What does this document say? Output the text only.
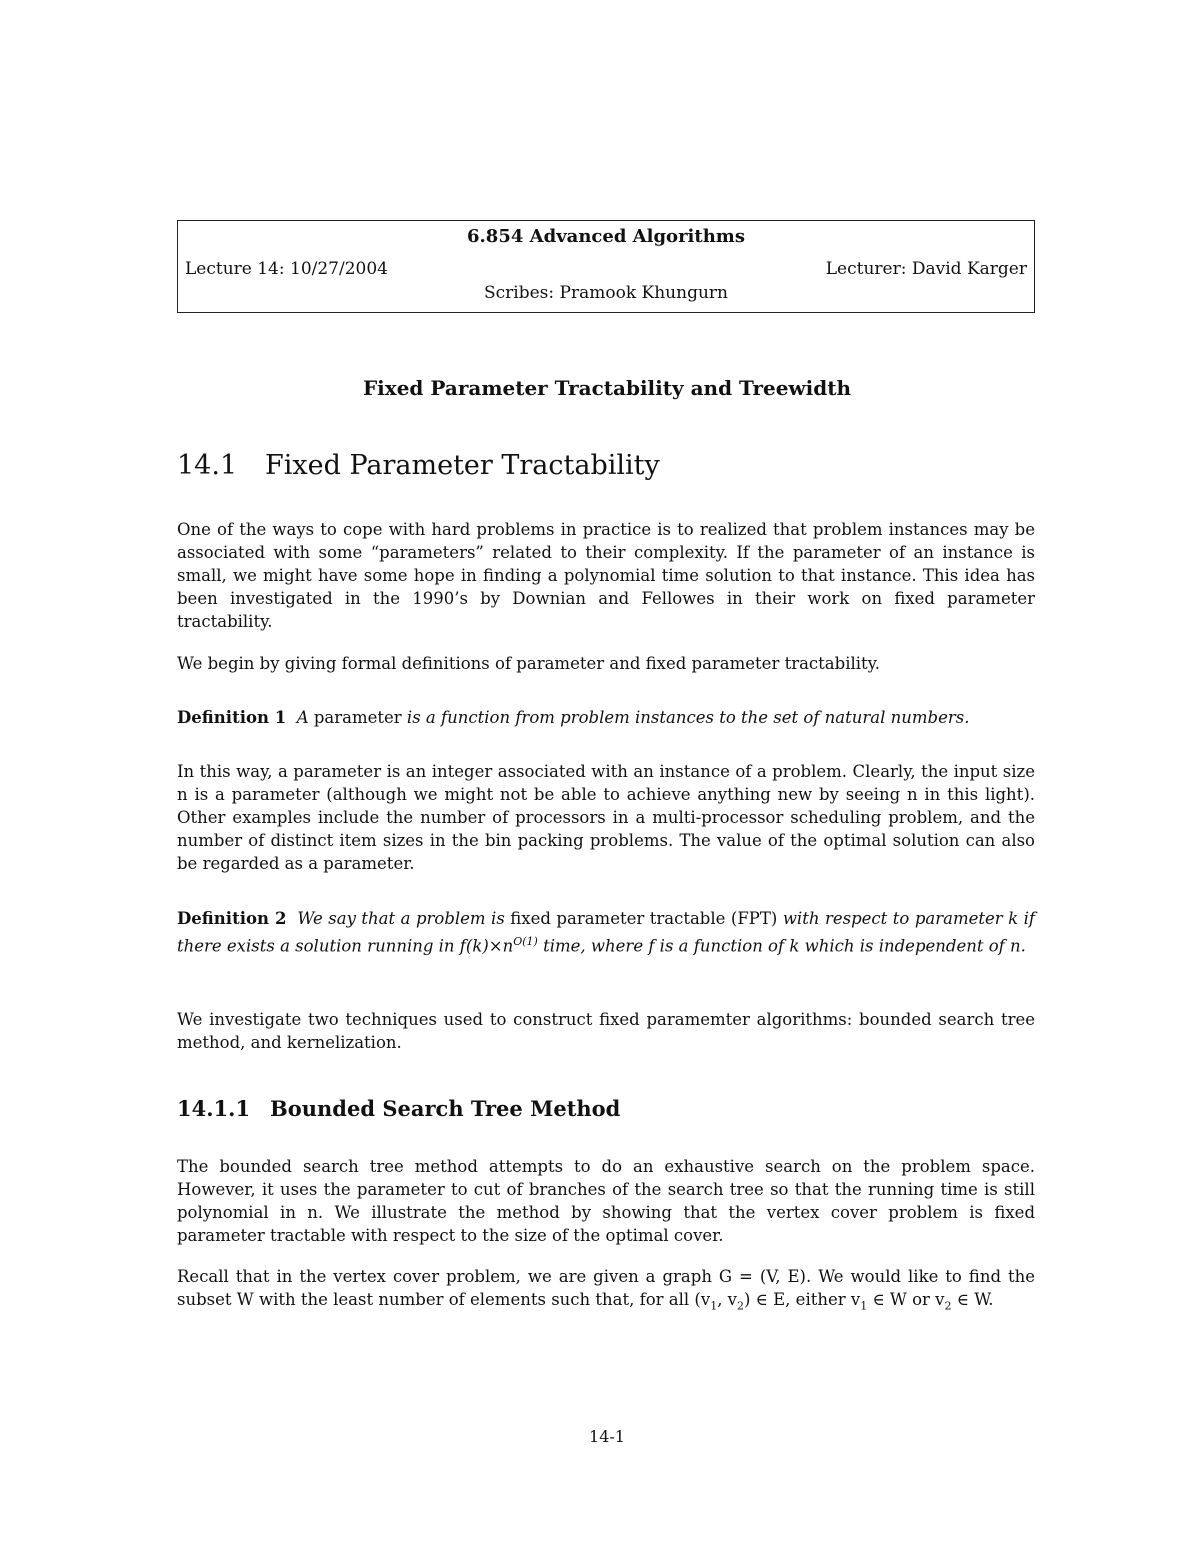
6.854 Advanced Algorithms
Lecture 14: 10/27/2004	Lecturer: David Karger
Scribes: Pramook Khungurn
Fixed Parameter Tractability and Treewidth
14.1 Fixed Parameter Tractability

One of the ways to cope with hard problems in practice is to realized that problem instances may be associated with some “parameters” related to their complexity. If the parameter of an instance is small, we might have some hope in finding a polynomial time solution to that instance. This idea has been investigated in the 1990’s by Downian and Fellowes in their work on fixed parameter tractability.

We begin by giving formal definitions of parameter and fixed parameter tractability.

Definition 1 A parameter is a function from problem instances to the set of natural numbers.

In this way, a parameter is an integer associated with an instance of a problem. Clearly, the input size n is a parameter (although we might not be able to achieve anything new by seeing n in this light). Other examples include the number of processors in a multi-processor scheduling problem, and the number of distinct item sizes in the bin packing problems. The value of the optimal solution can also be regarded as a parameter.

Definition 2 We say that a problem is fixed parameter tractable (FPT) with respect to parameter k if there exists a solution running in $f(k)\times n^{O(1)}$ time, where f is a function of k which is independent of n.

We investigate two techniques used to construct fixed paramemter algorithms: bounded search tree method, and kernelization.

14.1.1 Bounded Search Tree Method

The bounded search tree method attempts to do an exhaustive search on the problem space. However, it uses the parameter to cut of branches of the search tree so that the running time is still polynomial in n. We illustrate the method by showing that the vertex cover problem is fixed parameter tractable with respect to the size of the optimal cover.

Recall that in the vertex cover problem, we are given a graph G = (V, E). We would like to find the subset W with the least number of elements such that, for all ($v_1$, $v_2$) ∈ E, either $v_1$ ∈ W or $v_2$ ∈ W.

14-1
